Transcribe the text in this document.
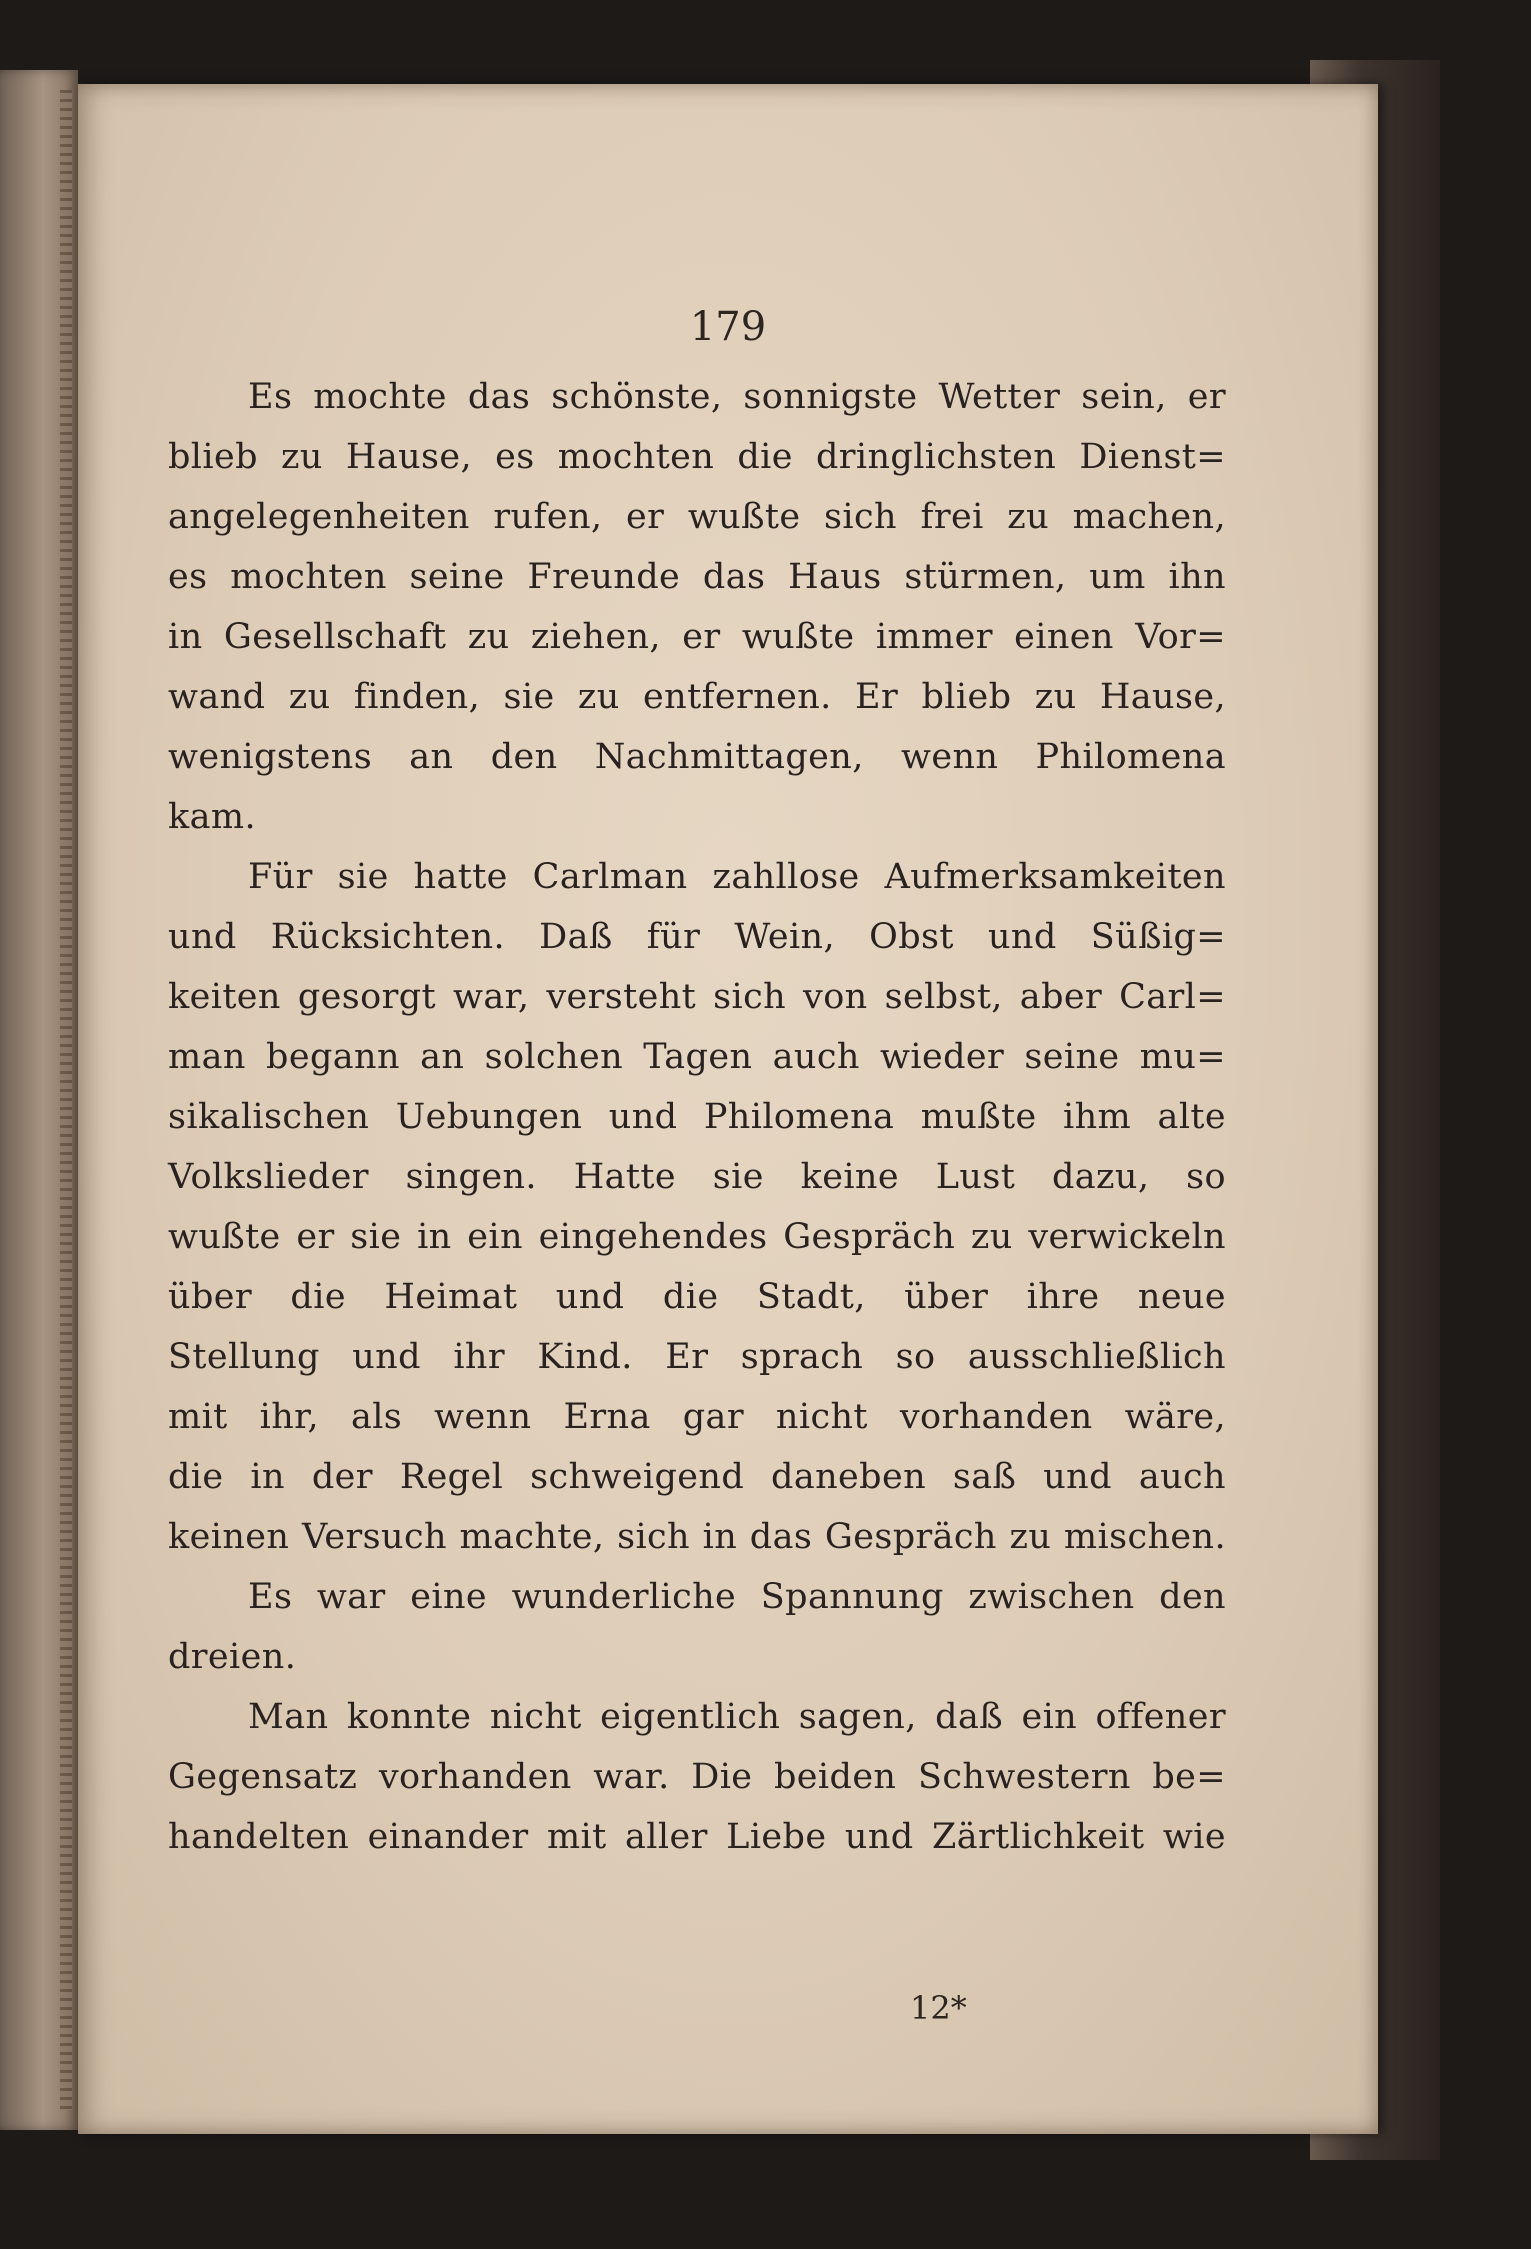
179
Es mochte das schönste, sonnigste Wetter sein, er
blieb zu Hause, es mochten die dringlichsten Dienst=
angelegenheiten rufen, er wußte sich frei zu machen,
es mochten seine Freunde das Haus stürmen, um ihn
in Gesellschaft zu ziehen, er wußte immer einen Vor=
wand zu finden, sie zu entfernen. Er blieb zu Hause,
wenigstens an den Nachmittagen, wenn Philomena
kam.
Für sie hatte Carlman zahllose Aufmerksamkeiten
und Rücksichten. Daß für Wein, Obst und Süßig=
keiten gesorgt war, versteht sich von selbst, aber Carl=
man begann an solchen Tagen auch wieder seine mu=
sikalischen Uebungen und Philomena mußte ihm alte
Volkslieder singen. Hatte sie keine Lust dazu, so
wußte er sie in ein eingehendes Gespräch zu verwickeln
über die Heimat und die Stadt, über ihre neue
Stellung und ihr Kind. Er sprach so ausschließlich
mit ihr, als wenn Erna gar nicht vorhanden wäre,
die in der Regel schweigend daneben saß und auch
keinen Versuch machte, sich in das Gespräch zu mischen.
Es war eine wunderliche Spannung zwischen den
dreien.
Man konnte nicht eigentlich sagen, daß ein offener
Gegensatz vorhanden war. Die beiden Schwestern be=
handelten einander mit aller Liebe und Zärtlichkeit wie
12*
